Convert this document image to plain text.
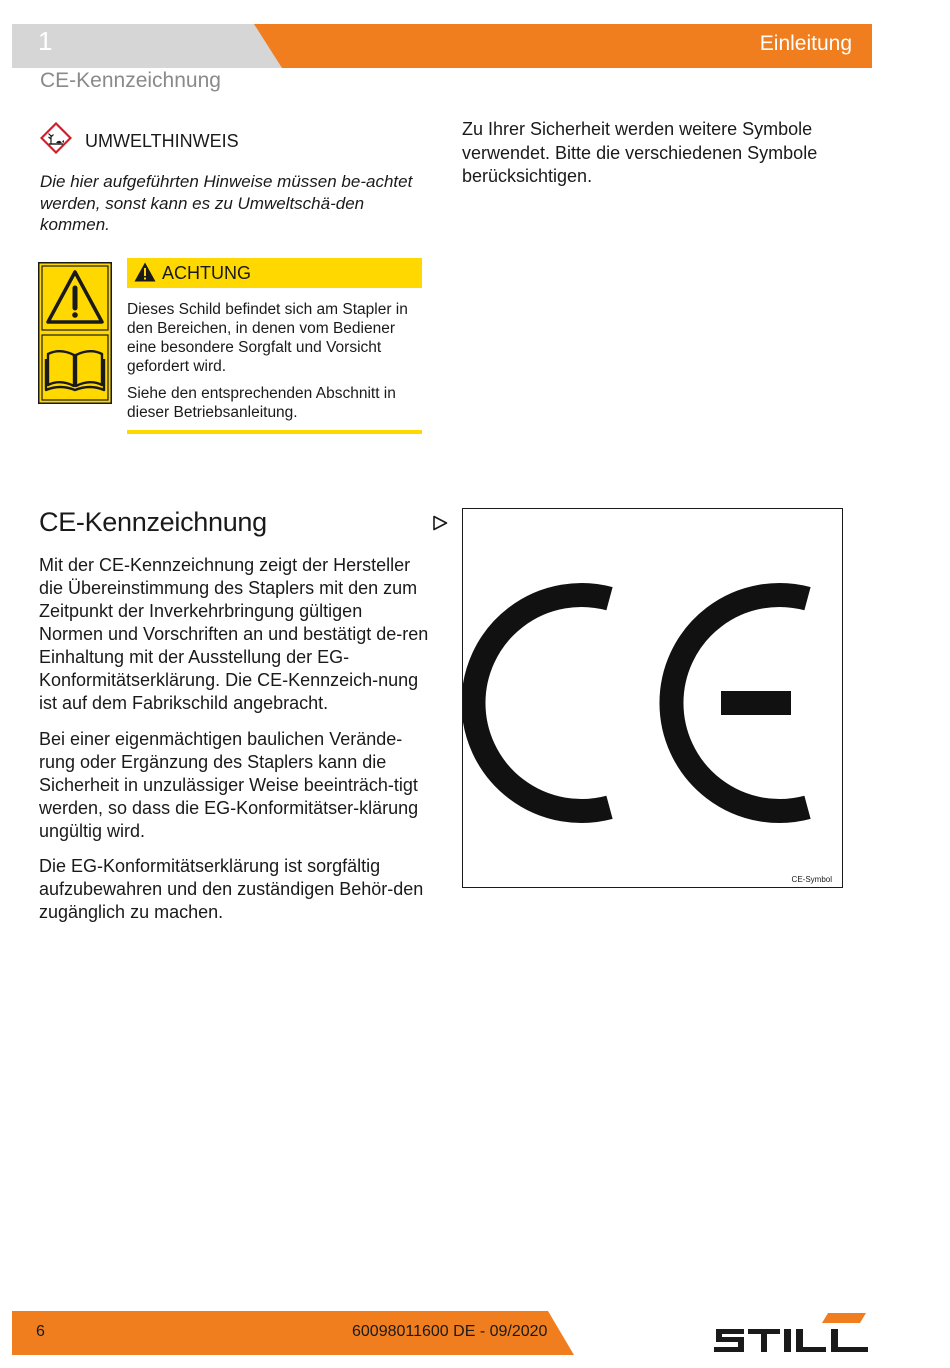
1	Einleitung
CE-Kennzeichnung
UMWELTHINWEIS
Die hier aufgeführten Hinweise müssen be-achtet werden, sonst kann es zu Umweltschä-den kommen.
Zu Ihrer Sicherheit werden weitere Symbole verwendet. Bitte die verschiedenen Symbole berücksichtigen.
ACHTUNG
Dieses Schild befindet sich am Stapler in den Bereichen, in denen vom Bediener eine besondere Sorgfalt und Vorsicht gefordert wird.
Siehe den entsprechenden Abschnitt in dieser Betriebsanleitung.
CE-Kennzeichnung
Mit der CE-Kennzeichnung zeigt der Hersteller die Übereinstimmung des Staplers mit den zum Zeitpunkt der Inverkehrbringung gültigen Normen und Vorschriften an und bestätigt de-ren Einhaltung mit der Ausstellung der EG-Konformitätserklärung. Die CE-Kennzeich-nung ist auf dem Fabrikschild angebracht.
Bei einer eigenmächtigen baulichen Verände-rung oder Ergänzung des Staplers kann die Sicherheit in unzulässiger Weise beeinträch-tigt werden, so dass die EG-Konformitätser-klärung ungültig wird.
Die EG-Konformitätserklärung ist sorgfältig aufzubewahren und den zuständigen Behör-den zugänglich zu machen.
CE-Symbol
6	60098011600 DE - 09/2020
